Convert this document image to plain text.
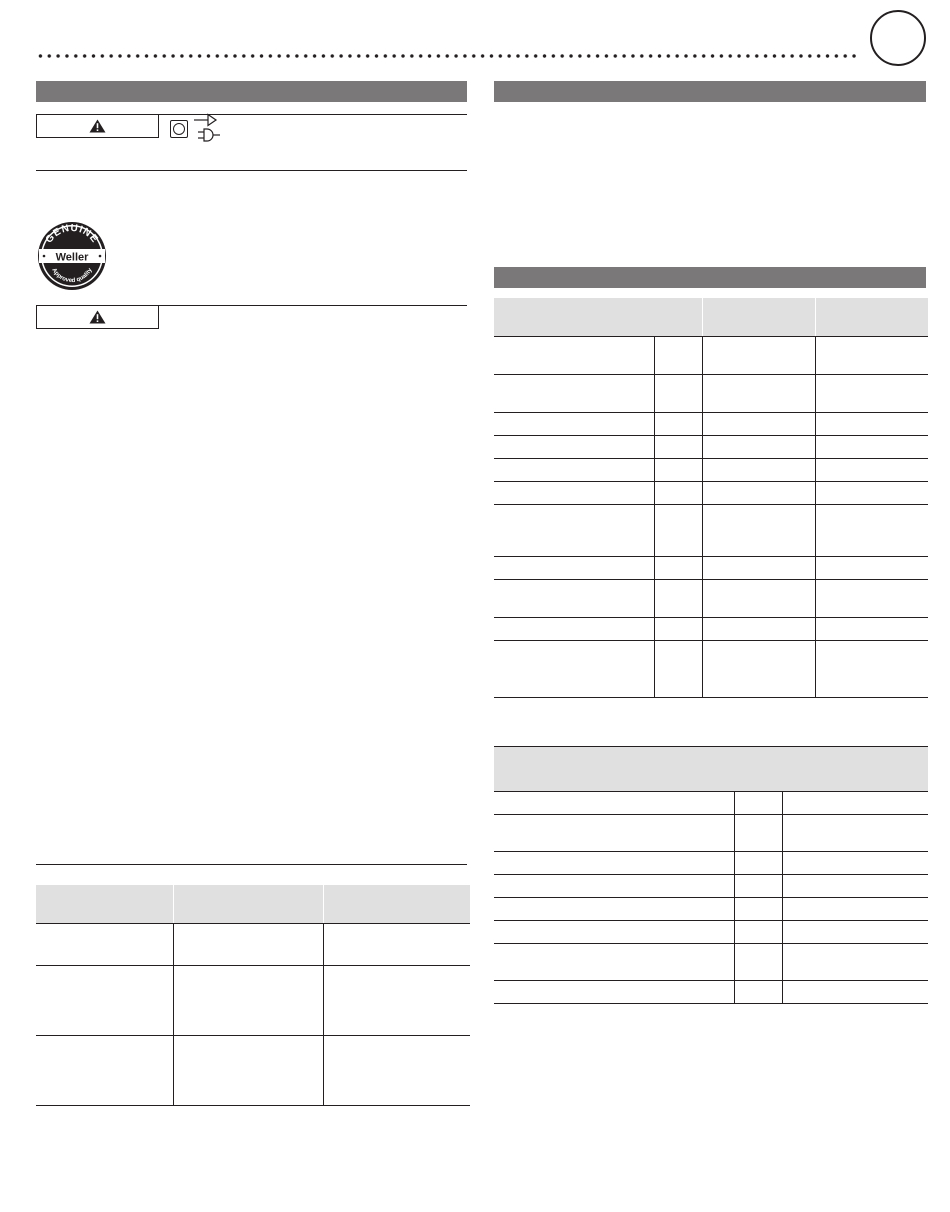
GENUINE
Weller
Approved quality
